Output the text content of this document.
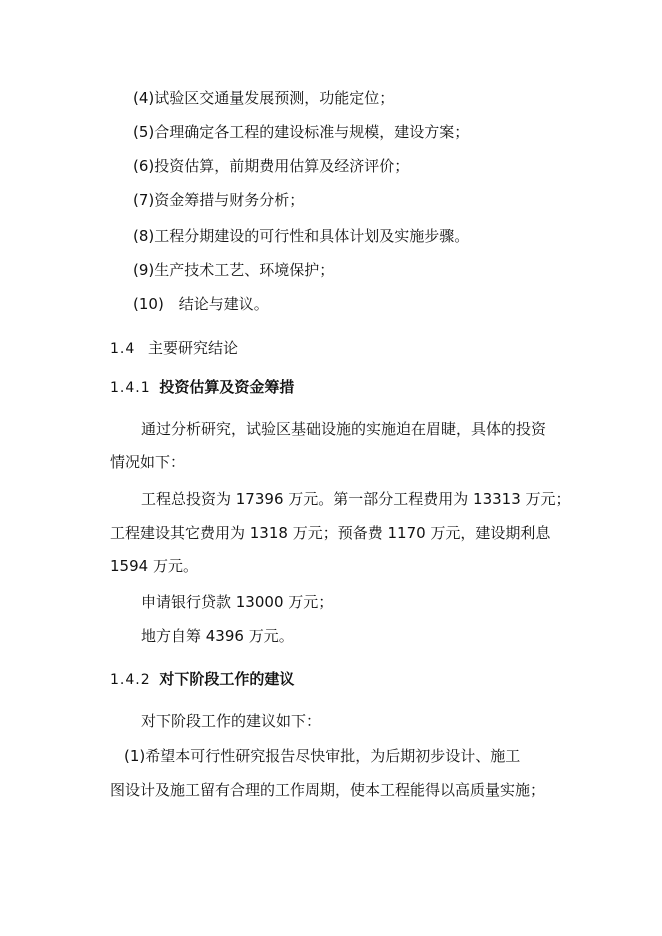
(4)试验区交通量发展预测，功能定位；
(5)合理确定各工程的建设标准与规模，建设方案；
(6)投资估算，前期费用估算及经济评价；
(7)资金筹措与财务分析；
(8)工程分期建设的可行性和具体计划及实施步骤。
(9)生产技术工艺、环境保护；
(10)　结论与建议。
1.4 主要研究结论
1.4.1 投资估算及资金筹措
通过分析研究，试验区基础设施的实施迫在眉睫，具体的投资
情况如下：
工程总投资为 17396 万元。第一部分工程费用为 13313 万元；
工程建设其它费用为 1318 万元；预备费 1170 万元，建设期利息
1594 万元。
申请银行贷款 13000 万元；
地方自筹 4396 万元。
1.4.2 对下阶段工作的建议
对下阶段工作的建议如下：
(1)希望本可行性研究报告尽快审批，为后期初步设计、施工
图设计及施工留有合理的工作周期，使本工程能得以高质量实施；
